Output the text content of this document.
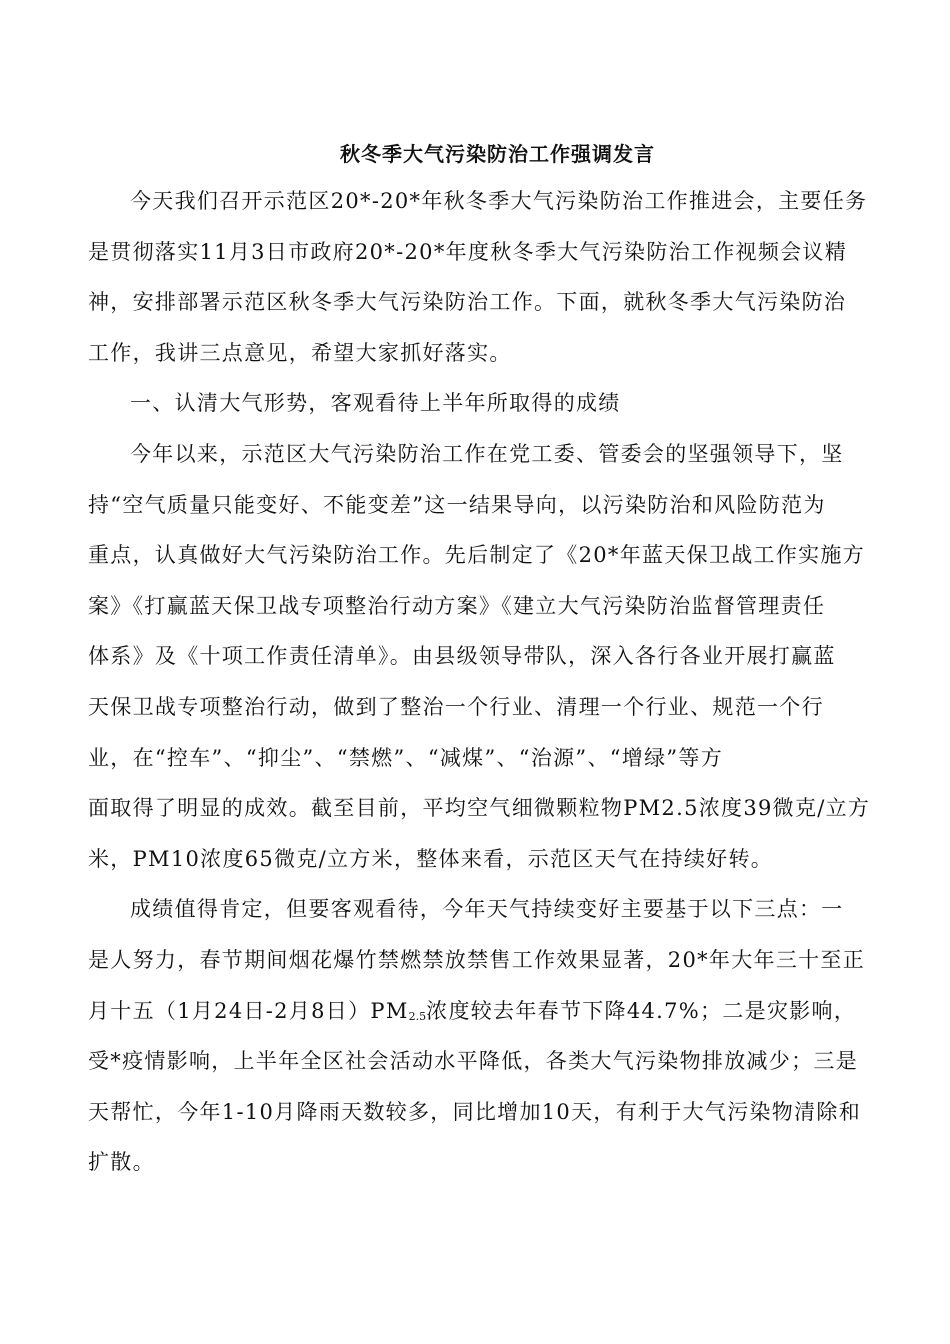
秋冬季大气污染防治工作强调发言
今天我们召开示范区20*-20*年秋冬季大气污染防治工作推进会，主要任务
是贯彻落实11月3日市政府20*-20*年度秋冬季大气污染防治工作视频会议精
神，安排部署示范区秋冬季大气污染防治工作。下面，就秋冬季大气污染防治
工作，我讲三点意见，希望大家抓好落实。
一、认清大气形势，客观看待上半年所取得的成绩
今年以来，示范区大气污染防治工作在党工委、管委会的坚强领导下，坚
持“空气质量只能变好、不能变差”这一结果导向，以污染防治和风险防范为
重点，认真做好大气污染防治工作。先后制定了《20*年蓝天保卫战工作实施方
案》《打赢蓝天保卫战专项整治行动方案》《建立大气污染防治监督管理责任
体系》及《十项工作责任清单》。由县级领导带队，深入各行各业开展打赢蓝
天保卫战专项整治行动，做到了整治一个行业、清理一个行业、规范一个行
业，在“控车”、“抑尘”、“禁燃”、“减煤”、“治源”、“增绿”等方
面取得了明显的成效。截至目前，平均空气细微颗粒物PM2.5浓度39微克/立方
米，PM10浓度65微克/立方米，整体来看，示范区天气在持续好转。
成绩值得肯定，但要客观看待，今年天气持续变好主要基于以下三点：一
是人努力，春节期间烟花爆竹禁燃禁放禁售工作效果显著，20*年大年三十至正
月十五（1月24日-2月8日）PM2.5浓度较去年春节下降44.7%；二是灾影响，
受*疫情影响，上半年全区社会活动水平降低，各类大气污染物排放减少；三是
天帮忙，今年1-10月降雨天数较多，同比增加10天，有利于大气污染物清除和
扩散。
